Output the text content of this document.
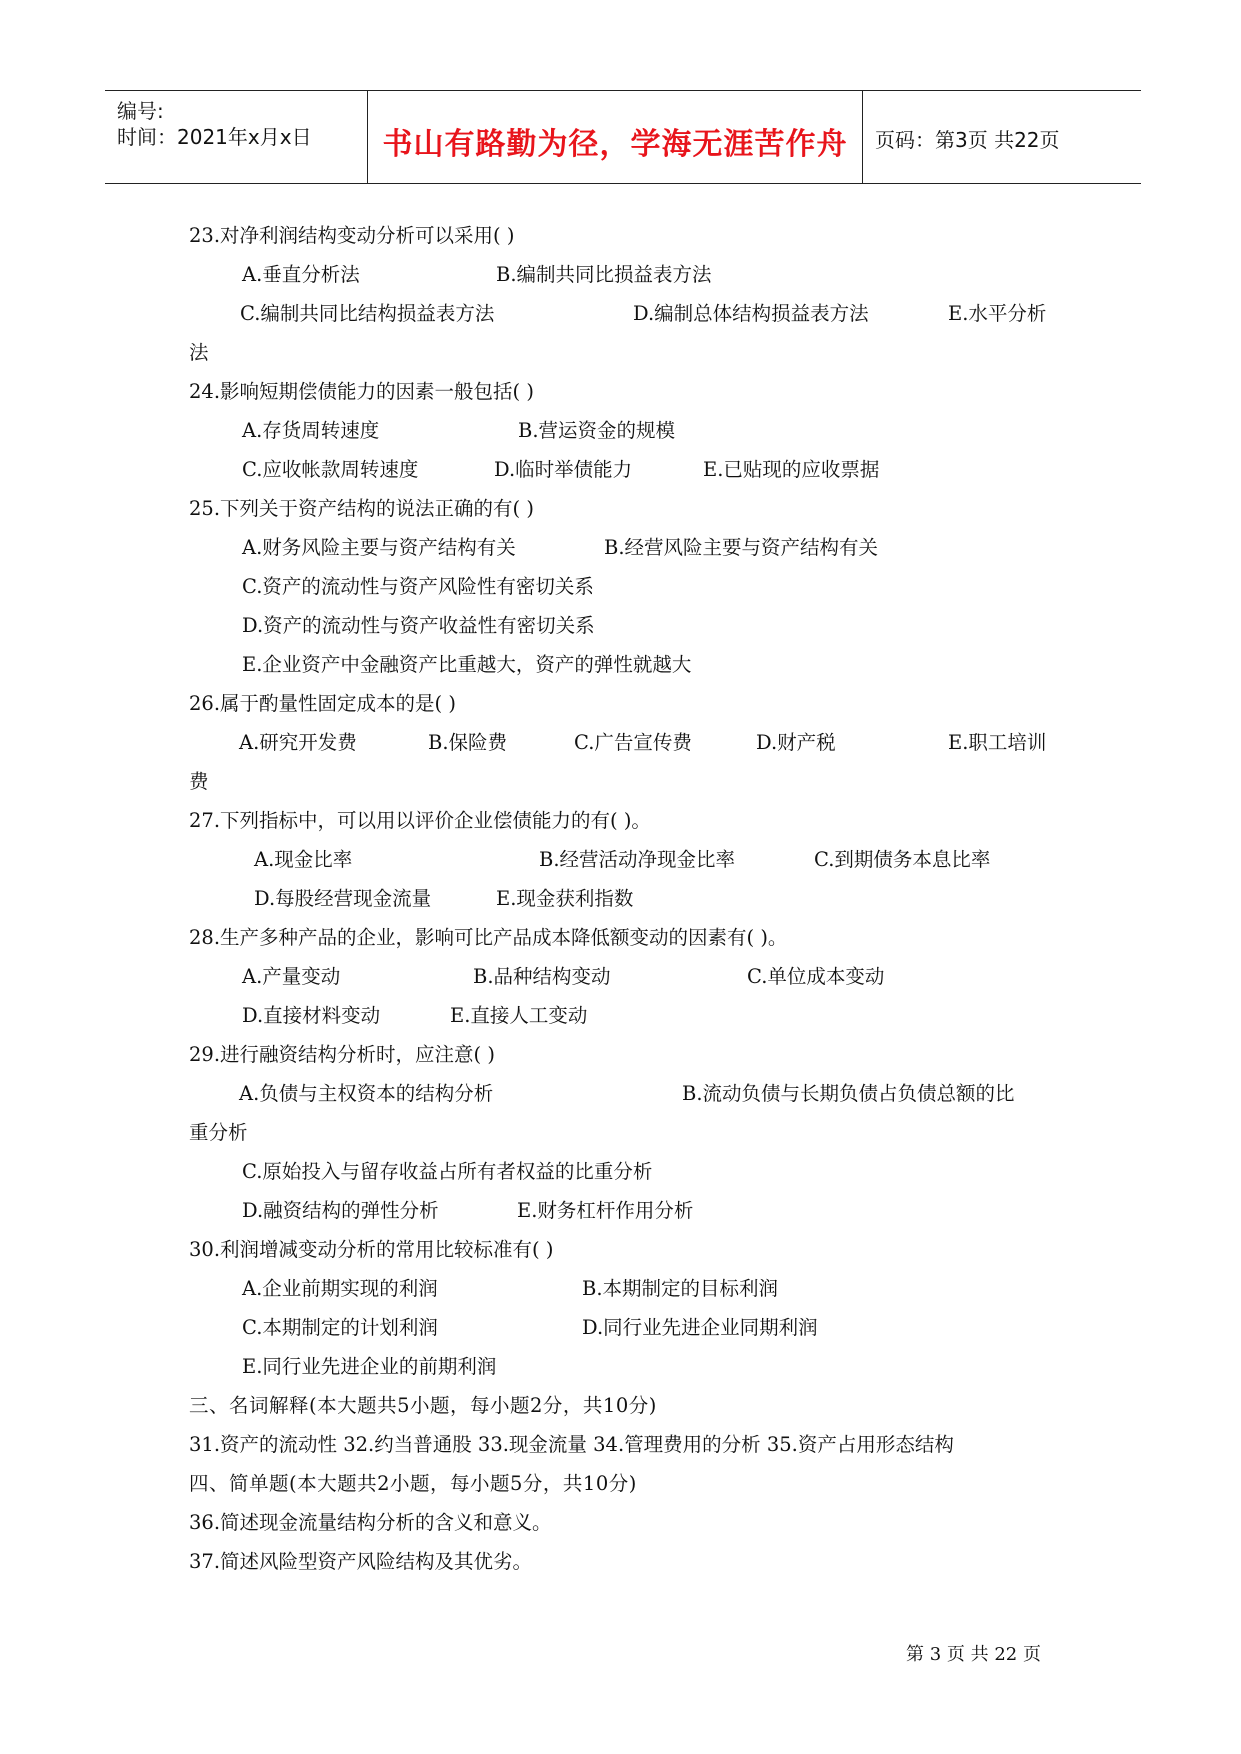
编号:
时间：2021年x月x日	书山有路勤为径，学海无涯苦作舟	页码：第3页 共22页
23.对净利润结构变动分析可以采用( )
A.垂直分析法	B.编制共同比损益表方法
C.编制共同比结构损益表方法	D.编制总体结构损益表方法	E.水平分析
法
24.影响短期偿债能力的因素一般包括( )
A.存货周转速度	B.营运资金的规模
C.应收帐款周转速度	D.临时举债能力	E.已贴现的应收票据
25.下列关于资产结构的说法正确的有( )
A.财务风险主要与资产结构有关	B.经营风险主要与资产结构有关
C.资产的流动性与资产风险性有密切关系
D.资产的流动性与资产收益性有密切关系
E.企业资产中金融资产比重越大，资产的弹性就越大
26.属于酌量性固定成本的是( )
A.研究开发费	B.保险费	C.广告宣传费	D.财产税	E.职工培训
费
27.下列指标中，可以用以评价企业偿债能力的有( )。
A.现金比率	B.经营活动净现金比率	C.到期债务本息比率
D.每股经营现金流量	E.现金获利指数
28.生产多种产品的企业，影响可比产品成本降低额变动的因素有( )。
A.产量变动	B.品种结构变动	C.单位成本变动
D.直接材料变动	E.直接人工变动
29.进行融资结构分析时，应注意( )
A.负债与主权资本的结构分析	B.流动负债与长期负债占负债总额的比
重分析
C.原始投入与留存收益占所有者权益的比重分析
D.融资结构的弹性分析	E.财务杠杆作用分析
30.利润增减变动分析的常用比较标准有( )
A.企业前期实现的利润	B.本期制定的目标利润
C.本期制定的计划利润	D.同行业先进企业同期利润
E.同行业先进企业的前期利润
三、名词解释(本大题共5小题，每小题2分，共10分)
31.资产的流动性 32.约当普通股 33.现金流量 34.管理费用的分析 35.资产占用形态结构
四、简单题(本大题共2小题，每小题5分，共10分)
36.简述现金流量结构分析的含义和意义。
37.简述风险型资产风险结构及其优劣。
第 3 页 共 22 页
